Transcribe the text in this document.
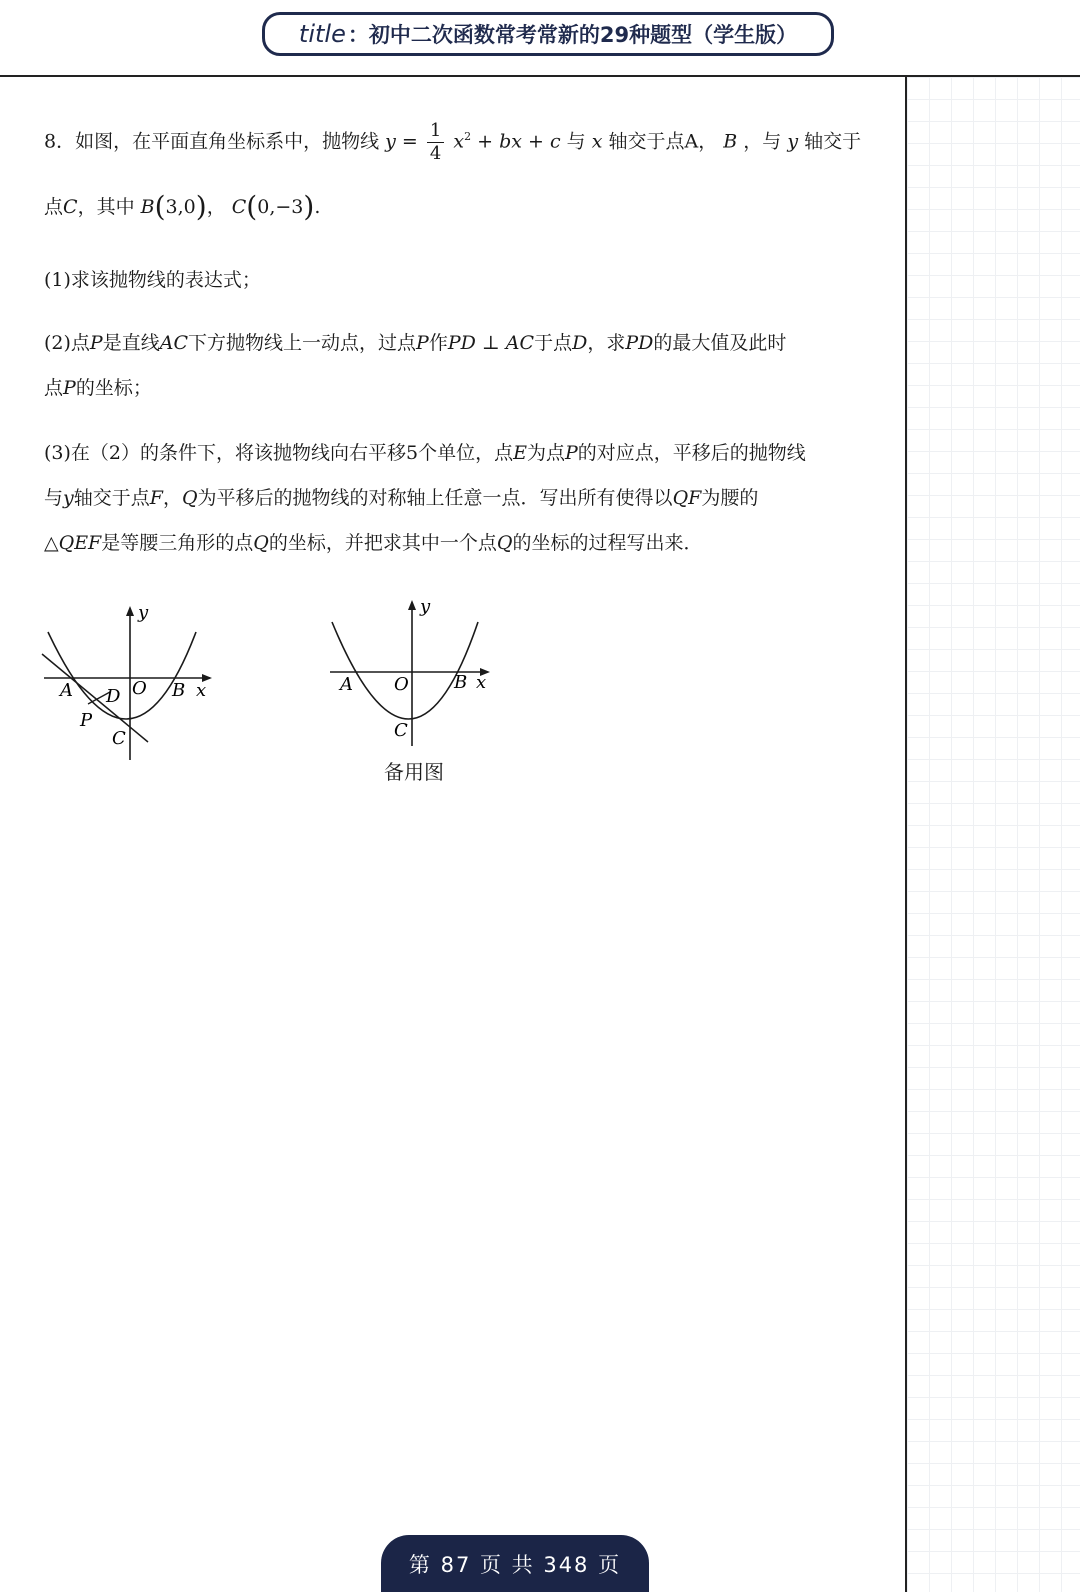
title ：初中二次函数常考常新的29种题型（学生版）
8．如图，在平面直角坐标系中，抛物线 $y = \frac{1}{4} x^2$ + bx + c 与 x 轴交于点A， B ，与 y 轴交于
点C，其中 B(3,0)， C(0,−3).
(1)求该抛物线的表达式；
(2)点P是直线AC下方抛物线上一动点，过点P作PD ⊥ AC于点D，求PD的最大值及此时
点P的坐标；
(3)在（2）的条件下，将该抛物线向右平移5个单位，点E为点P的对应点，平移后的抛物线
与y轴交于点F，Q为平移后的抛物线的对称轴上任意一点．写出所有使得以QF为腰的
△QEF是等腰三角形的点Q的坐标，并把求其中一个点Q的坐标的过程写出来．
A D O B x
y
P
C
A O	B x
y
C
备用图
第 87 页 共 348 页
